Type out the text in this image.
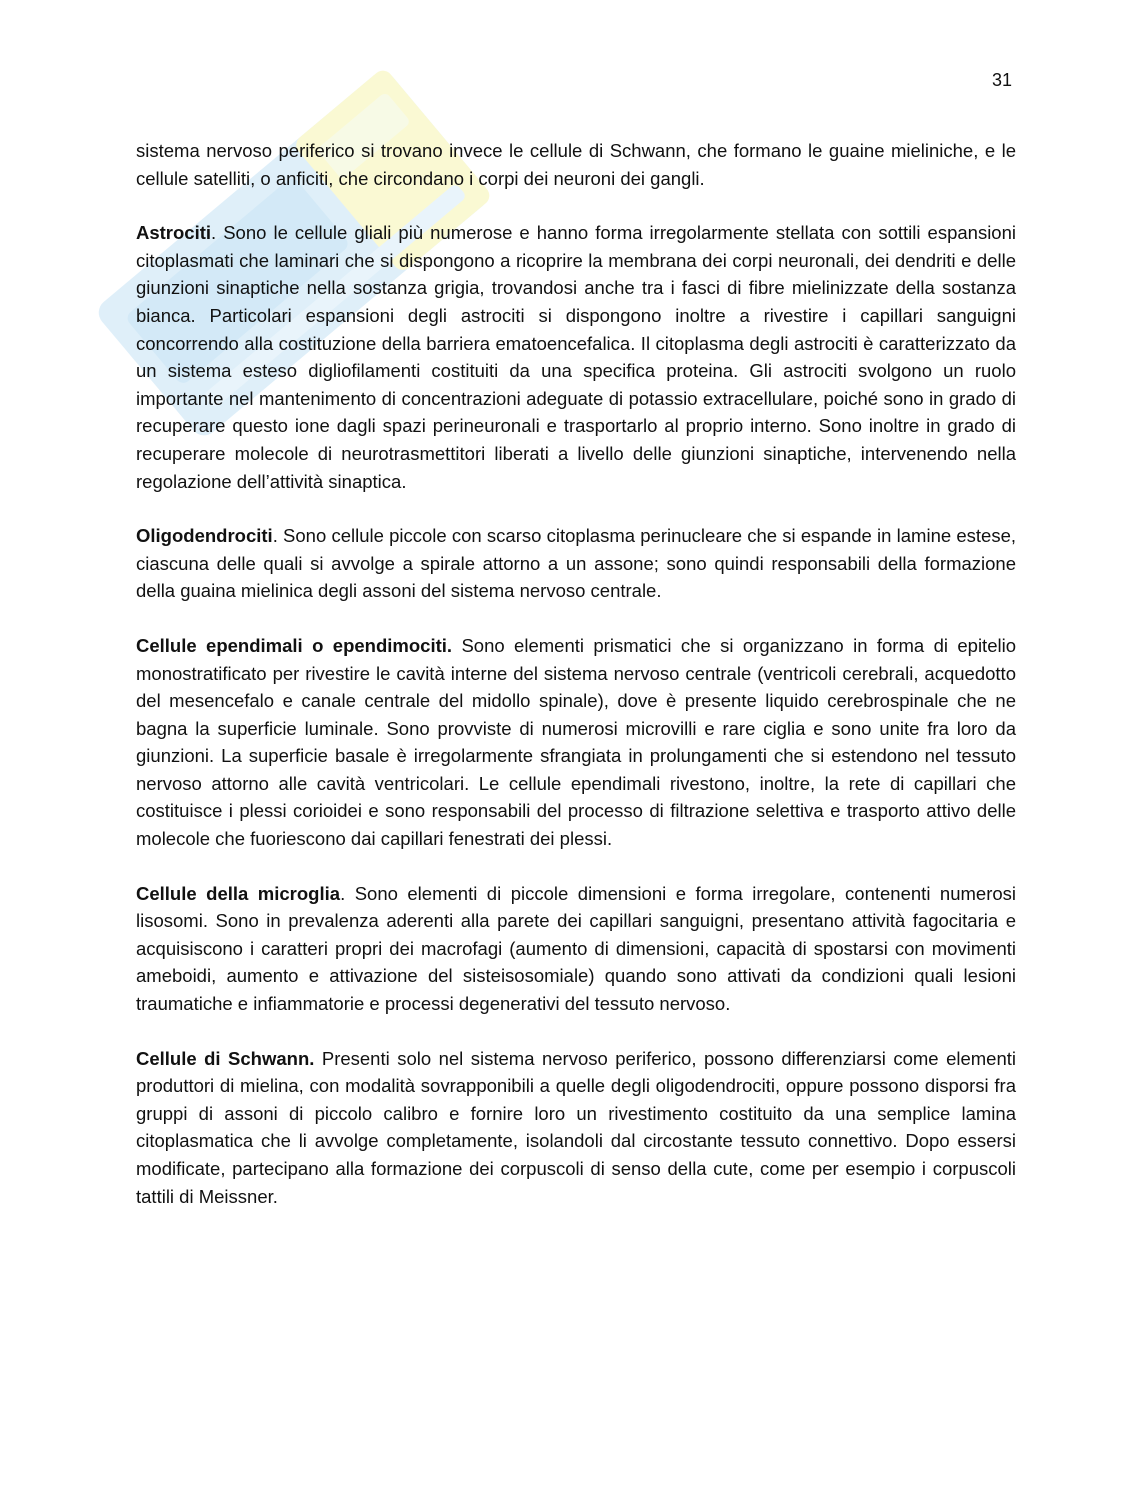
31

sistema nervoso periferico si trovano invece le cellule di Schwann, che formano le guaine mieliniche, e le cellule satelliti, o anficiti, che circondano i corpi dei neuroni dei gangli.

Astrociti. Sono le cellule gliali più numerose e hanno forma irregolarmente stellata con sottili espansioni citoplasmati che laminari che si dispongono a ricoprire la membrana dei corpi neuronali, dei dendriti e delle giunzioni sinaptiche nella sostanza grigia, trovandosi anche tra i fasci di fibre mielinizzate della sostanza bianca. Particolari espansioni degli astrociti si dispongono inoltre a rivestire i capillari sanguigni concorrendo alla costituzione della barriera ematoencefalica. Il citoplasma degli astrociti è caratterizzato da un sistema esteso digliofilamenti costituiti da una specifica proteina. Gli astrociti svolgono un ruolo importante nel mantenimento di concentrazioni adeguate di potassio extracellulare, poiché sono in grado di recuperare questo ione dagli spazi perineuronali e trasportarlo al proprio interno. Sono inoltre in grado di recuperare molecole di neurotrasmettitori liberati a livello delle giunzioni sinaptiche, intervenendo nella regolazione dell’attività sinaptica.

Oligodendrociti. Sono cellule piccole con scarso citoplasma perinucleare che si espande in lamine estese, ciascuna delle quali si avvolge a spirale attorno a un assone; sono quindi responsabili della formazione della guaina mielinica degli assoni del sistema nervoso centrale.

Cellule ependimali o ependimociti. Sono elementi prismatici che si organizzano in forma di epitelio monostratificato per rivestire le cavità interne del sistema nervoso centrale (ventricoli cerebrali, acquedotto del mesencefalo e canale centrale del midollo spinale), dove è presente liquido cerebrospinale che ne bagna la superficie luminale. Sono provviste di numerosi microvilli e rare ciglia e sono unite fra loro da giunzioni. La superficie basale è irregolarmente sfrangiata in prolungamenti che si estendono nel tessuto nervoso attorno alle cavità ventricolari. Le cellule ependimali rivestono, inoltre, la rete di capillari che costituisce i plessi corioidei e sono responsabili del processo di filtrazione selettiva e trasporto attivo delle molecole che fuoriescono dai capillari fenestrati dei plessi.

Cellule della microglia. Sono elementi di piccole dimensioni e forma irregolare, contenenti numerosi lisosomi. Sono in prevalenza aderenti alla parete dei capillari sanguigni, presentano attività fagocitaria e acquisiscono i caratteri propri dei macrofagi (aumento di dimensioni, capacità di spostarsi con movimenti ameboidi, aumento e attivazione del sisteisosomiale) quando sono attivati da condizioni quali lesioni traumatiche e infiammatorie e processi degenerativi del tessuto nervoso.

Cellule di Schwann. Presenti solo nel sistema nervoso periferico, possono differenziarsi come elementi produttori di mielina, con modalità sovrapponibili a quelle degli oligodendrociti, oppure possono disporsi fra gruppi di assoni di piccolo calibro e fornire loro un rivestimento costituito da una semplice lamina citoplasmatica che li avvolge completamente, isolandoli dal circostante tessuto connettivo. Dopo essersi modificate, partecipano alla formazione dei corpuscoli di senso della cute, come per esempio i corpuscoli tattili di Meissner.
